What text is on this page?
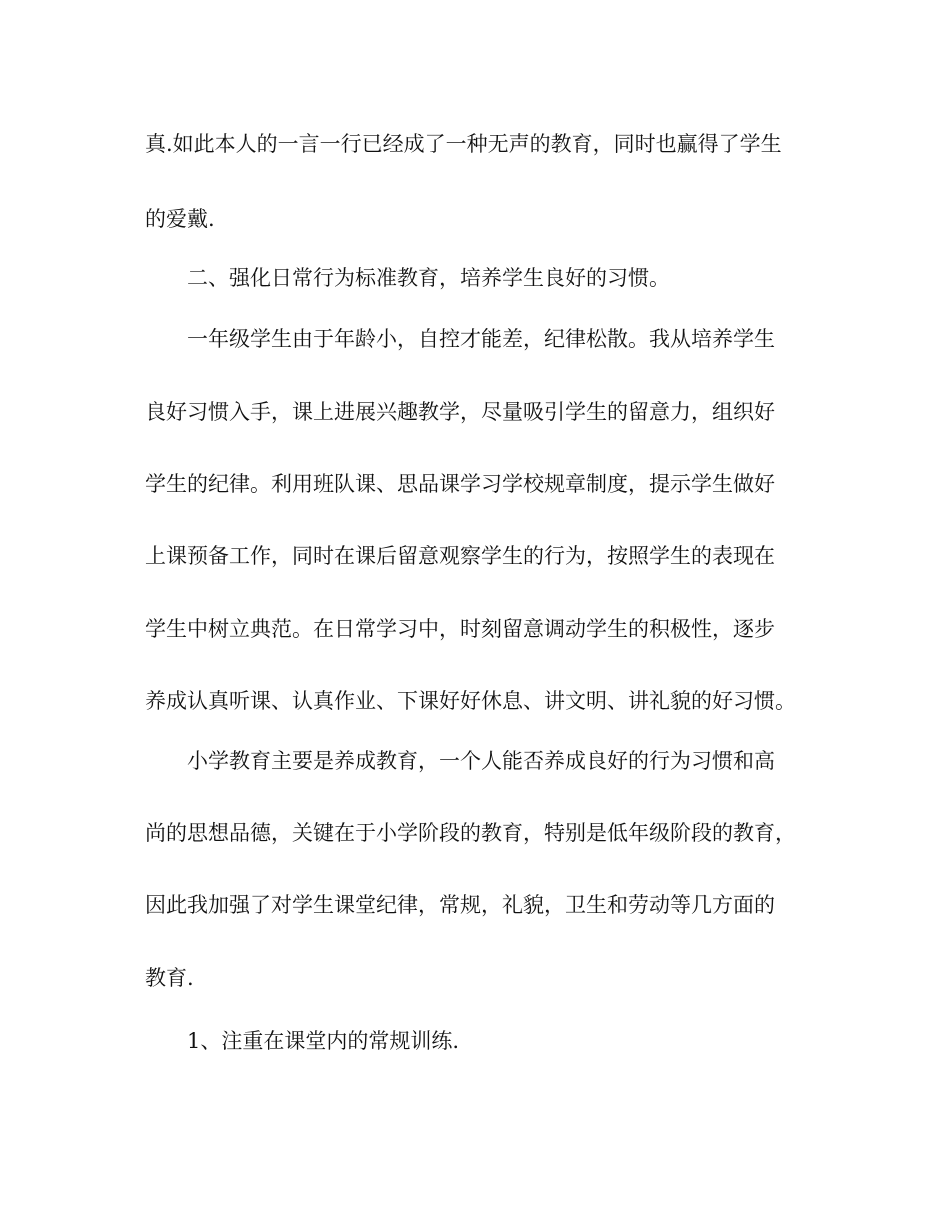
真.如此本人的一言一行已经成了一种无声的教育，同时也赢得了学生
的爱戴.
二、强化日常行为标准教育，培养学生良好的习惯。
一年级学生由于年龄小，自控才能差，纪律松散。我从培养学生
良好习惯入手，课上进展兴趣教学，尽量吸引学生的留意力，组织好
学生的纪律。利用班队课、思品课学习学校规章制度，提示学生做好
上课预备工作，同时在课后留意观察学生的行为，按照学生的表现在
学生中树立典范。在日常学习中，时刻留意调动学生的积极性，逐步
养成认真听课、认真作业、下课好好休息、讲文明、讲礼貌的好习惯。
小学教育主要是养成教育，一个人能否养成良好的行为习惯和高
尚的思想品德，关键在于小学阶段的教育，特别是低年级阶段的教育，
因此我加强了对学生课堂纪律，常规，礼貌，卫生和劳动等几方面的
教育.
1、注重在课堂内的常规训练.
